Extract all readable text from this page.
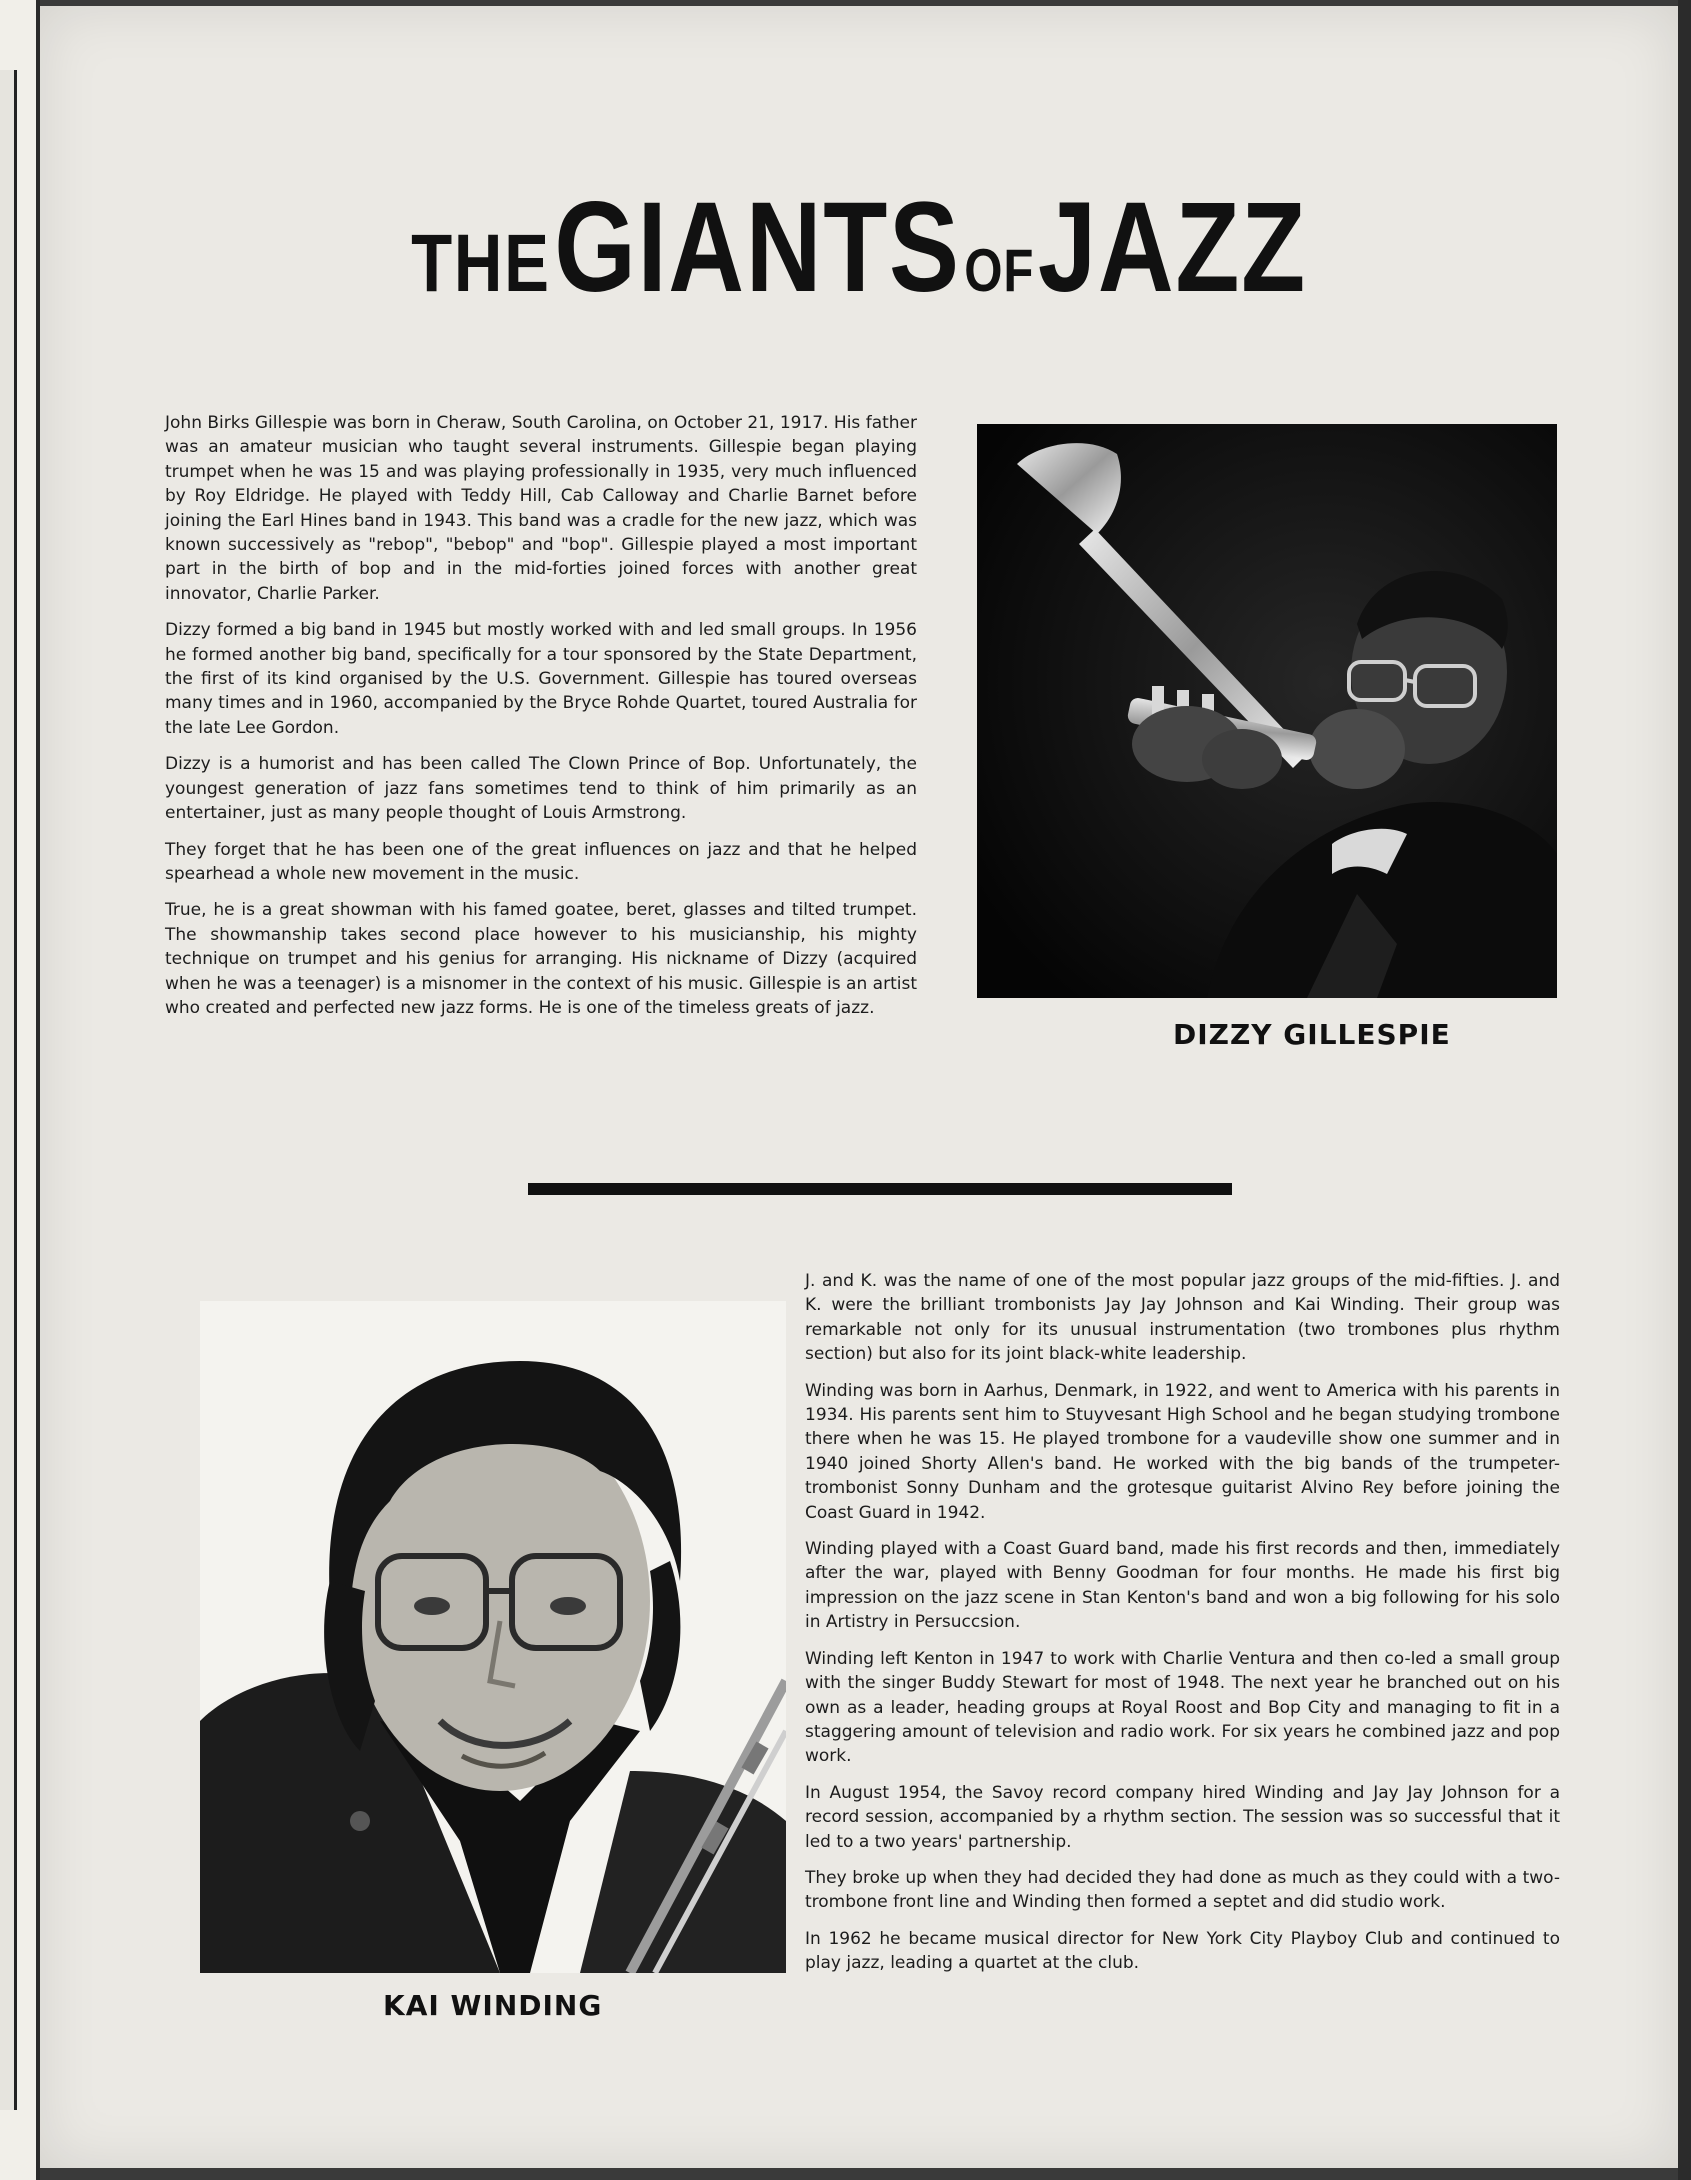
THE GIANTS OF JAZZ

John Birks Gillespie was born in Cheraw, South Carolina, on October 21, 1917. His father was an amateur musician who taught several instruments. Gillespie began playing trumpet when he was 15 and was playing professionally in 1935, very much influenced by Roy Eldridge. He played with Teddy Hill, Cab Calloway and Charlie Barnet before joining the Earl Hines band in 1943. This band was a cradle for the new jazz, which was known successively as "rebop", "bebop" and "bop". Gillespie played a most important part in the birth of bop and in the mid-forties joined forces with another great innovator, Charlie Parker.

Dizzy formed a big band in 1945 but mostly worked with and led small groups. In 1956 he formed another big band, specifically for a tour sponsored by the State Department, the first of its kind organised by the U.S. Government. Gillespie has toured overseas many times and in 1960, accompanied by the Bryce Rohde Quartet, toured Australia for the late Lee Gordon.

Dizzy is a humorist and has been called The Clown Prince of Bop. Unfortunately, the youngest generation of jazz fans sometimes tend to think of him primarily as an entertainer, just as many people thought of Louis Armstrong.

They forget that he has been one of the great influences on jazz and that he helped spearhead a whole new movement in the music.

True, he is a great showman with his famed goatee, beret, glasses and tilted trumpet. The showmanship takes second place however to his musicianship, his mighty technique on trumpet and his genius for arranging. His nickname of Dizzy (acquired when he was a teenager) is a misnomer in the context of his music. Gillespie is an artist who created and perfected new jazz forms. He is one of the timeless greats of jazz.

DIZZY GILLESPIE
KAI WINDING

J. and K. was the name of one of the most popular jazz groups of the mid-fifties. J. and K. were the brilliant trombonists Jay Jay Johnson and Kai Winding. Their group was remarkable not only for its unusual instrumentation (two trombones plus rhythm section) but also for its joint black-white leadership.

Winding was born in Aarhus, Denmark, in 1922, and went to America with his parents in 1934. His parents sent him to Stuyvesant High School and he began studying trombone there when he was 15. He played trombone for a vaudeville show one summer and in 1940 joined Shorty Allen's band. He worked with the big bands of the trumpeter-trombonist Sonny Dunham and the grotesque guitarist Alvino Rey before joining the Coast Guard in 1942.

Winding played with a Coast Guard band, made his first records and then, immediately after the war, played with Benny Goodman for four months. He made his first big impression on the jazz scene in Stan Kenton's band and won a big following for his solo in Artistry in Persuccsion.

Winding left Kenton in 1947 to work with Charlie Ventura and then co-led a small group with the singer Buddy Stewart for most of 1948. The next year he branched out on his own as a leader, heading groups at Royal Roost and Bop City and managing to fit in a staggering amount of television and radio work. For six years he combined jazz and pop work.

In August 1954, the Savoy record company hired Winding and Jay Jay Johnson for a record session, accompanied by a rhythm section. The session was so successful that it led to a two years' partnership.

They broke up when they had decided they had done as much as they could with a two-trombone front line and Winding then formed a septet and did studio work.

In 1962 he became musical director for New York City Playboy Club and continued to play jazz, leading a quartet at the club.
